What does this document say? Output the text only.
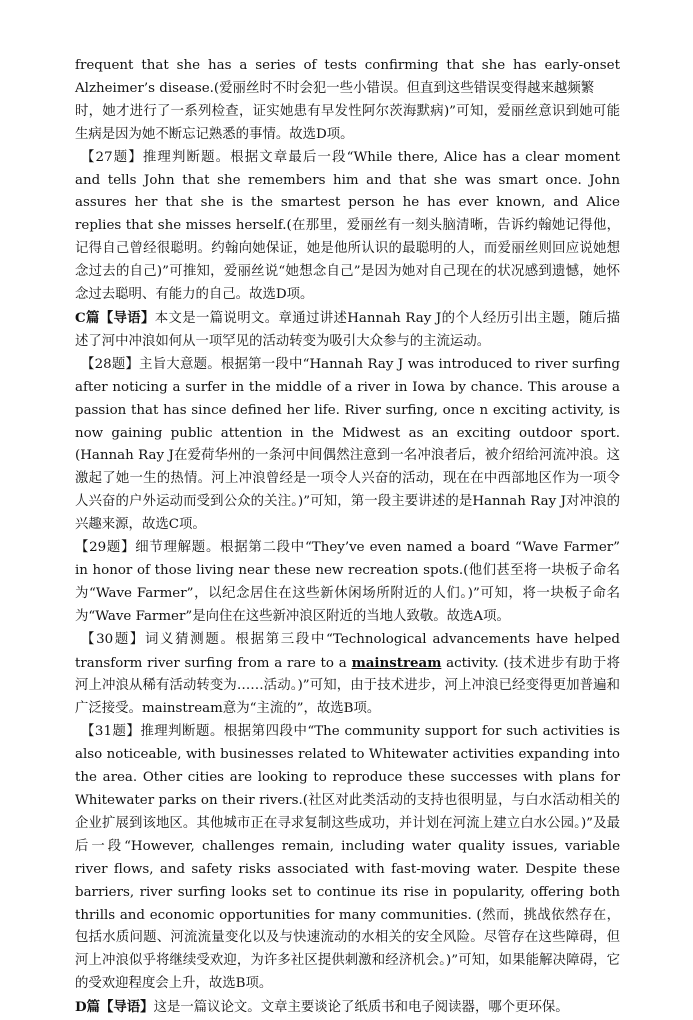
frequent that she has a series of tests confirming that she has early-onset Alzheimer’s disease.(爱丽丝时不时会犯一些小错误。但直到这些错误变得越来越频繁

时，她才进行了一系列检查，证实她患有早发性阿尔茨海默病)”可知，爱丽丝意识到她可能生病是因为她不断忘记熟悉的事情。故选D项。

【27题】推理判断题。根据文章最后一段“While there, Alice has a clear moment and tells John that she remembers him and that she was smart once. John assures her that she is the smartest person he has ever known, and Alice replies that she misses herself.(在那里，爱丽丝有一刻头脑清晰，告诉约翰她记得他，记得自己曾经很聪明。约翰向她保证，她是他所认识的最聪明的人，而爱丽丝则回应说她想念过去的自己)”可推知，爱丽丝说“她想念自己”是因为她对自己现在的状况感到遗憾，她怀念过去聪明、有能力的自己。故选D项。

C篇【导语】本文是一篇说明文。章通过讲述Hannah Ray J的个人经历引出主题，随后描述了河中冲浪如何从一项罕见的活动转变为吸引大众参与的主流运动。

【28题】主旨大意题。根据第一段中“Hannah Ray J was introduced to river surfing after noticing a surfer in the middle of a river in Iowa by chance. This arouse a passion that has since defined her life. River surfing, once n exciting activity, is now gaining public attention in the Midwest as an exciting outdoor sport.(Hannah Ray J在爱荷华州的一条河中间偶然注意到一名冲浪者后，被介绍给河流冲浪。这激起了她一生的热情。河上冲浪曾经是一项令人兴奋的活动，现在在中西部地区作为一项令人兴奋的户外运动而受到公众的关注。)”可知，第一段主要讲述的是Hannah Ray J对冲浪的兴趣来源，故选C项。

【29题】细节理解题。根据第二段中“They’ve even named a board “Wave Farmer” in honor of those living near these new recreation spots.(他们甚至将一块板子命名为“Wave Farmer”，以纪念居住在这些新休闲场所附近的人们。)”可知，将一块板子命名为“Wave Farmer”是向住在这些新冲浪区附近的当地人致敬。故选A项。

【30题】词义猜测题。根据第三段中“Technological advancements have helped transform river surfing from a rare to a mainstream activity. (技术进步有助于将河上冲浪从稀有活动转变为……活动。)”可知，由于技术进步，河上冲浪已经变得更加普遍和广泛接受。mainstream意为“主流的”，故选B项。

【31题】推理判断题。根据第四段中“The community support for such activities is also noticeable, with businesses related to Whitewater activities expanding into the area. Other cities are looking to reproduce these successes with plans for Whitewater parks on their rivers.(社区对此类活动的支持也很明显，与白水活动相关的企业扩展到该地区。其他城市正在寻求复制这些成功，并计划在河流上建立白水公园。)”及最后一段“However, challenges remain, including water quality issues, variable river flows, and safety risks associated with fast-moving water. Despite these barriers, river surfing looks set to continue its rise in popularity, offering both thrills and economic opportunities for many communities. (然而，挑战依然存在，包括水质问题、河流流量变化以及与快速流动的水相关的安全风险。尽管存在这些障碍，但河上冲浪似乎将继续受欢迎，为许多社区提供刺激和经济机会。)”可知，如果能解决障碍，它的受欢迎程度会上升，故选B项。

D篇【导语】这是一篇议论文。文章主要谈论了纸质书和电子阅读器，哪个更环保。
